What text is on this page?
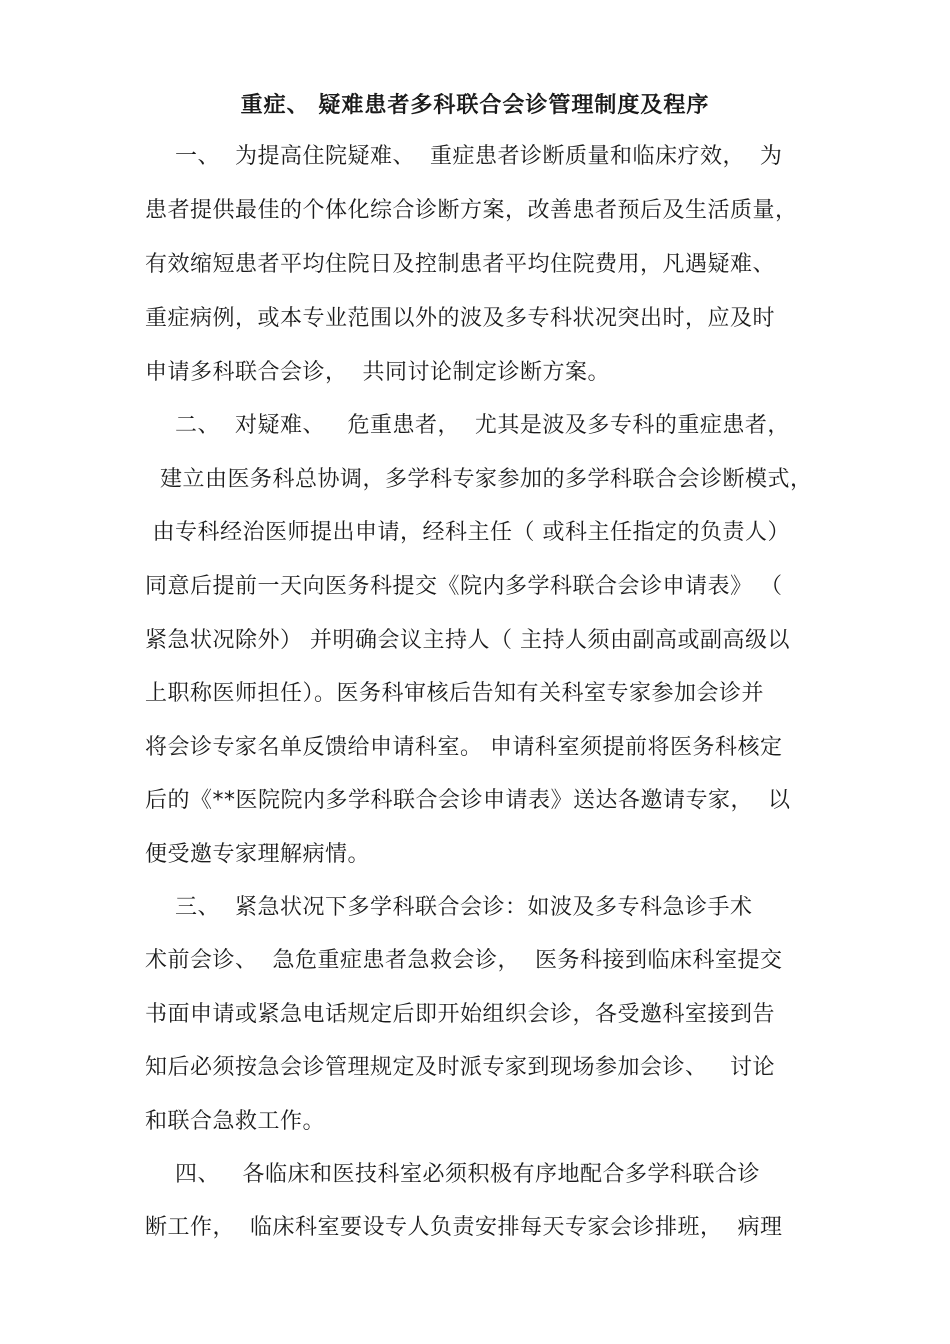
重症、 疑难患者多科联合会诊管理制度及程序
一、  为提高住院疑难、  重症患者诊断质量和临床疗效，  为
患者提供最佳的个体化综合诊断方案，改善患者预后及生活质量，
有效缩短患者平均住院日及控制患者平均住院费用，凡遇疑难、
重症病例，或本专业范围以外的波及多专科状况突出时，应及时
申请多科联合会诊，  共同讨论制定诊断方案。
二、  对疑难、   危重患者，  尤其是波及多专科的重症患者，
建立由医务科总协调，多学科专家参加的多学科联合会诊断模式，
由专科经治医师提出申请，经科主任（ 或科主任指定的负责人）
同意后提前一天向医务科提交《院内多学科联合会诊申请表》 （
紧急状况除外） 并明确会议主持人（ 主持人须由副高或副高级以
上职称医师担任）。医务科审核后告知有关科室专家参加会诊并
将会诊专家名单反馈给申请科室。 申请科室须提前将医务科核定
后的《**医院院内多学科联合会诊申请表》送达各邀请专家，  以
便受邀专家理解病情。
三、  紧急状况下多学科联合会诊：如波及多专科急诊手术
术前会诊、  急危重症患者急救会诊，  医务科接到临床科室提交
书面申请或紧急电话规定后即开始组织会诊，各受邀科室接到告
知后必须按急会诊管理规定及时派专家到现场参加会诊、   讨论
和联合急救工作。
四、   各临床和医技科室必须积极有序地配合多学科联合诊
断工作，  临床科室要设专人负责安排每天专家会诊排班，  病理
